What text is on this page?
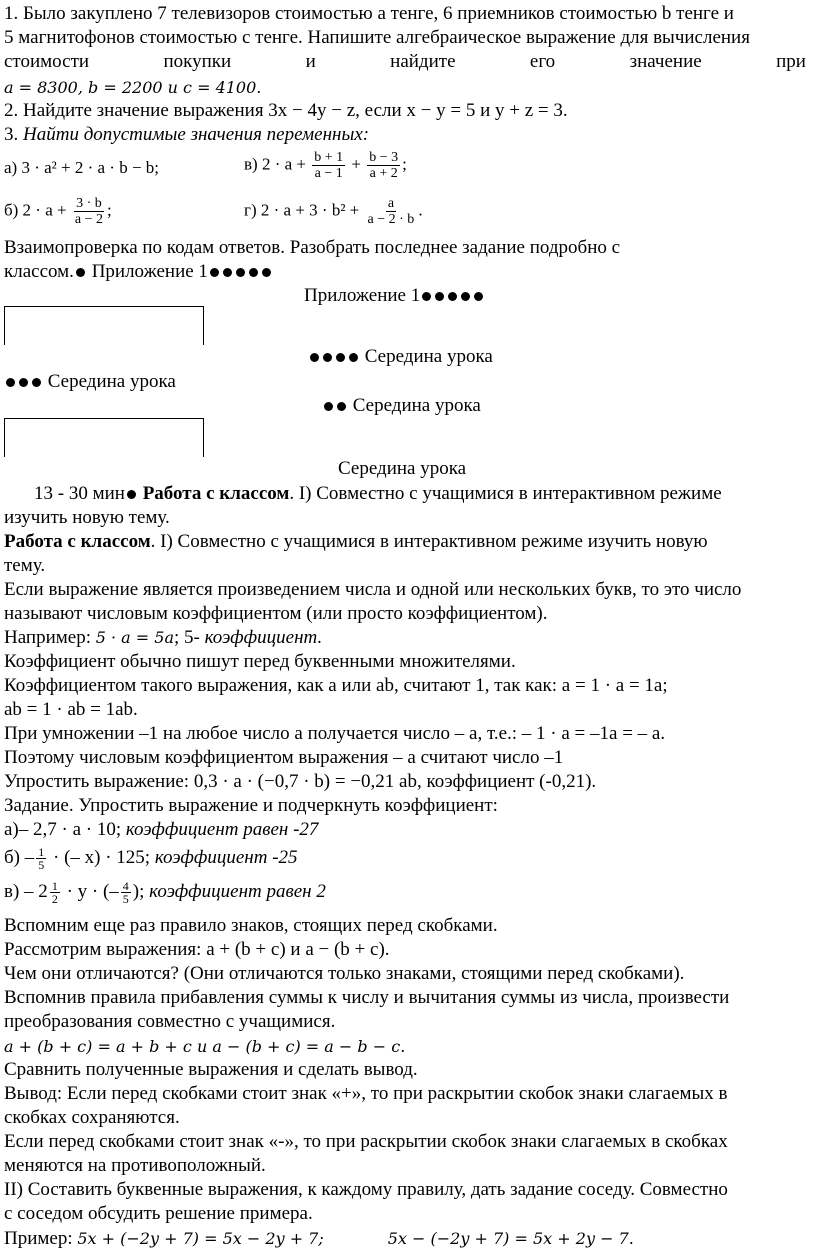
1. Было закуплено 7 телевизоров стоимостью a тенге, 6 приемников стоимостью b тенге и
5 магнитофонов стоимостью c тенге. Напишите алгебраическое выражение для вычисления
стоимости	покупки	и	найдите	его	значение	при
a = 8300, b = 2200 и c = 4100.
2. Найдите значение выражения 3x − 4y − z, если x − y = 5 и y + z = 3.
3. Найти допустимые значения переменных:
а) 3 · a² + 2 · a · b − b;	в) $2 \cdot a + \frac{b + 1}{a - 1} + \frac{b - 3}{a + 2}$ ;
б) $2 \cdot a + \frac{3 \cdot b}{a - 2}$ ;	г) $2 \cdot a + 3 \cdot b^2 + \frac{a}{a - 2 \cdot b}$ .
Взаимопроверка по кодам ответов. Разобрать последнее задание подробно с
классом. Приложение 1
Приложение 1
Середина урока
Середина урока
Середина урока
Середина урока
13 - 30 мин Работа с классом. I) Совместно с учащимися в интерактивном режиме
изучить новую тему.
Работа с классом. I) Совместно с учащимися в интерактивном режиме изучить новую
тему.
Если выражение является произведением числа и одной или нескольких букв, то это число
называют числовым коэффициентом (или просто коэффициентом).
Например: 5 · a = 5a; 5- коэффициент.
Коэффициент обычно пишут перед буквенными множителями.
Коэффициентом такого выражения, как a или ab, считают 1, так как: a = 1 · a = 1a;
ab = 1 · ab = 1ab.
При умножении –1 на любое число a получается число – a, т.е.: – 1 · a = –1a = – a.
Поэтому числовым коэффициентом выражения – a считают число –1
Упростить выражение: 0,3 · a · (−0,7 · b) = −0,21 ab, коэффициент (-0,21).
Задание. Упростить выражение и подчеркнуть коэффициент:
а)– 2,7 · a · 10; коэффициент равен -27
$б) - \frac{1}{5}$ · (– x) · 125; коэффициент -25
$в) - 2 \frac{1}{2} \cdot y$ · (– $\frac{4}{5}$ ); коэффициент равен 2
Вспомним еще раз правило знаков, стоящих перед скобками.
Рассмотрим выражения: a + (b + c) и a − (b + c).
Чем они отличаются? (Они отличаются только знаками, стоящими перед скобками).
Вспомнив правила прибавления суммы к числу и вычитания суммы из числа, произвести
преобразования совместно с учащимися.
a + (b + c) = a + b + c и a − (b + c) = a − b − c.
Сравнить полученные выражения и сделать вывод.
Вывод: Если перед скобками стоит знак «+», то при раскрытии скобок знаки слагаемых в
скобках сохраняются.
Если перед скобками стоит знак «-», то при раскрытии скобок знаки слагаемых в скобках
меняются на противоположный.
II) Составить буквенные выражения, к каждому правилу, дать задание соседу. Совместно
с соседом обсудить решение примера.
Пример: 5x + (−2y + 7) = 5x − 2y + 7;	5x − (−2y + 7) = 5x + 2y − 7.
